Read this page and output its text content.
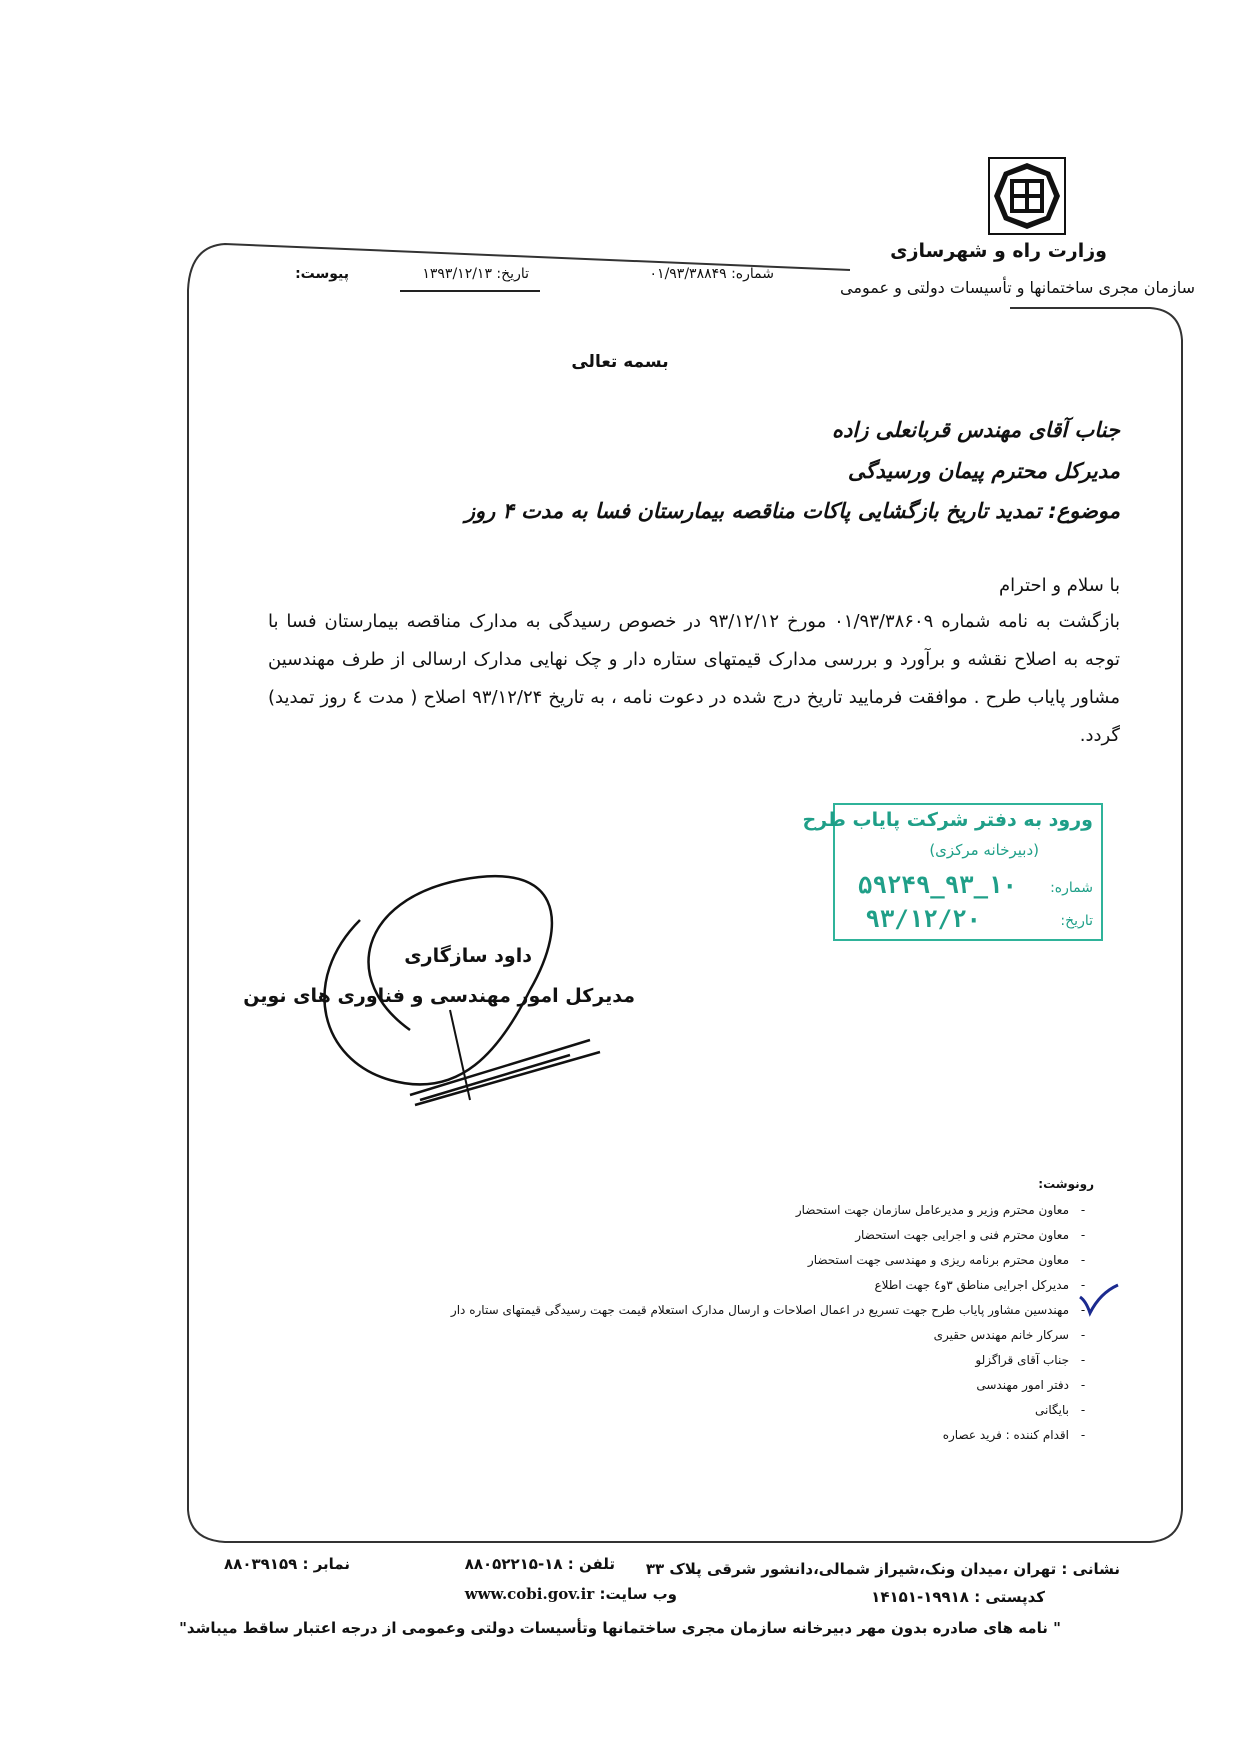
وزارت راه و شهرسازی
سازمان مجری ساختمانها و تأسیسات دولتی و عمومی
شماره: ۰۱/۹۳/۳۸۸۴۹
تاریخ: ۱۳۹۳/۱۲/۱۳
پیوست:
بسمه تعالی
جناب آقای مهندس قربانعلی زاده
مدیرکل محترم پیمان ورسیدگی
موضوع: تمدید تاریخ بازگشایی پاکات مناقصه بیمارستان فسا به مدت ۴ روز
با سلام و احترام
بازگشت به نامه شماره ۰۱/۹۳/۳۸۶۰۹ مورخ ۹۳/۱۲/۱۲ در خصوص رسیدگی به مدارک مناقصه بیمارستان فسا با توجه به اصلاح نقشه و برآورد و بررسی مدارک قیمتهای ستاره دار و چک نهایی مدارک ارسالی از طرف مهندسین مشاور پایاب طرح . موافقت فرمایید تاریخ درج شده در دعوت نامه ، به تاریخ ۹۳/۱۲/۲۴ اصلاح ( مدت ٤ روز تمدید) گردد.
ورود به دفتر شرکت پایاب طرح
(دبیرخانه مرکزی)
شماره:
۱۰_۹۳_۵۹۲۴۹
تاریخ:
۹۳/۱۲/۲۰
داود سازگاری
مدیرکل امور مهندسی و فناوری های نوین
رونوشت:
-معاون محترم وزیر و مدیرعامل سازمان جهت استحضار
-معاون محترم فنی و اجرایی جهت استحضار
-معاون محترم برنامه ریزی و مهندسی جهت استحضار
-مدیرکل اجرایی مناطق ۳و٤ جهت اطلاع
-مهندسین مشاور پایاب طرح جهت تسریع در اعمال اصلاحات و ارسال مدارک استعلام قیمت جهت رسیدگی قیمتهای ستاره دار
-سرکار خانم مهندس حقیری
-جناب آقای قراگزلو
-دفتر امور مهندسی
-بایگانی
-اقدام کننده : فرید عصاره
نشانی : تهران ،میدان ونک،شیراز شمالی،دانشور شرقی پلاک ۳۳
تلفن : ۱۸-۸۸۰۵۲۲۱۵
نمابر : ۸۸۰۳۹۱۵۹
کدپستی : ۱۹۹۱۸-۱۴۱۵۱
وب سایت: www.cobi.gov.ir
" نامه های صادره بدون مهر دبیرخانه سازمان مجری ساختمانها وتأسیسات دولتی وعمومی از درجه اعتبار ساقط میباشد"
